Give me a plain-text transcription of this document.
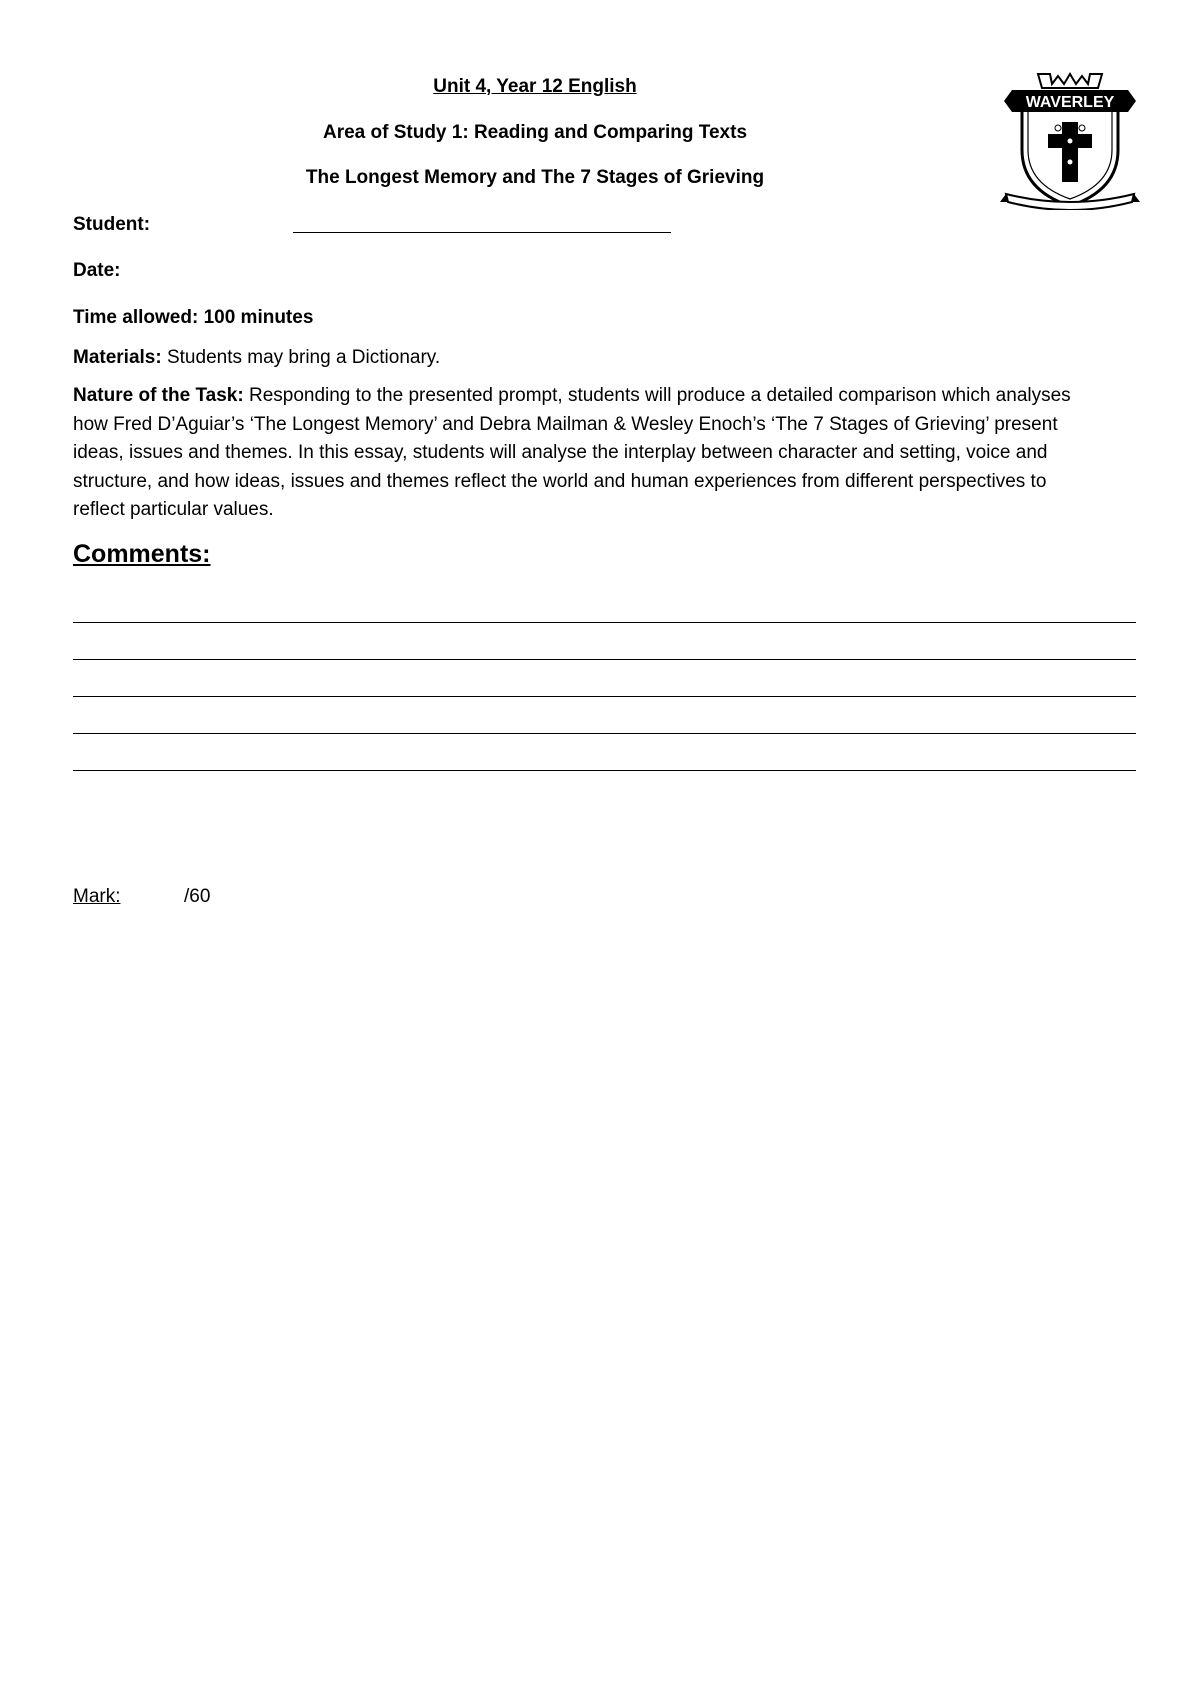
Unit 4, Year 12 English
Area of Study 1: Reading and Comparing Texts
The Longest Memory and The 7 Stages of Grieving
WAVERLEY
Student:
Date:
Time allowed: 100 minutes
Materials: Students may bring a Dictionary.
Nature of the Task: Responding to the presented prompt, students will produce a detailed comparison which analyses how Fred D’Aguiar’s ‘The Longest Memory’ and Debra Mailman & Wesley Enoch’s ‘The 7 Stages of Grieving’ present ideas, issues and themes. In this essay, students will analyse the interplay between character and setting, voice and structure, and how ideas, issues and themes reflect the world and human experiences from different perspectives to reflect particular values.
Comments:
Mark:	/60
